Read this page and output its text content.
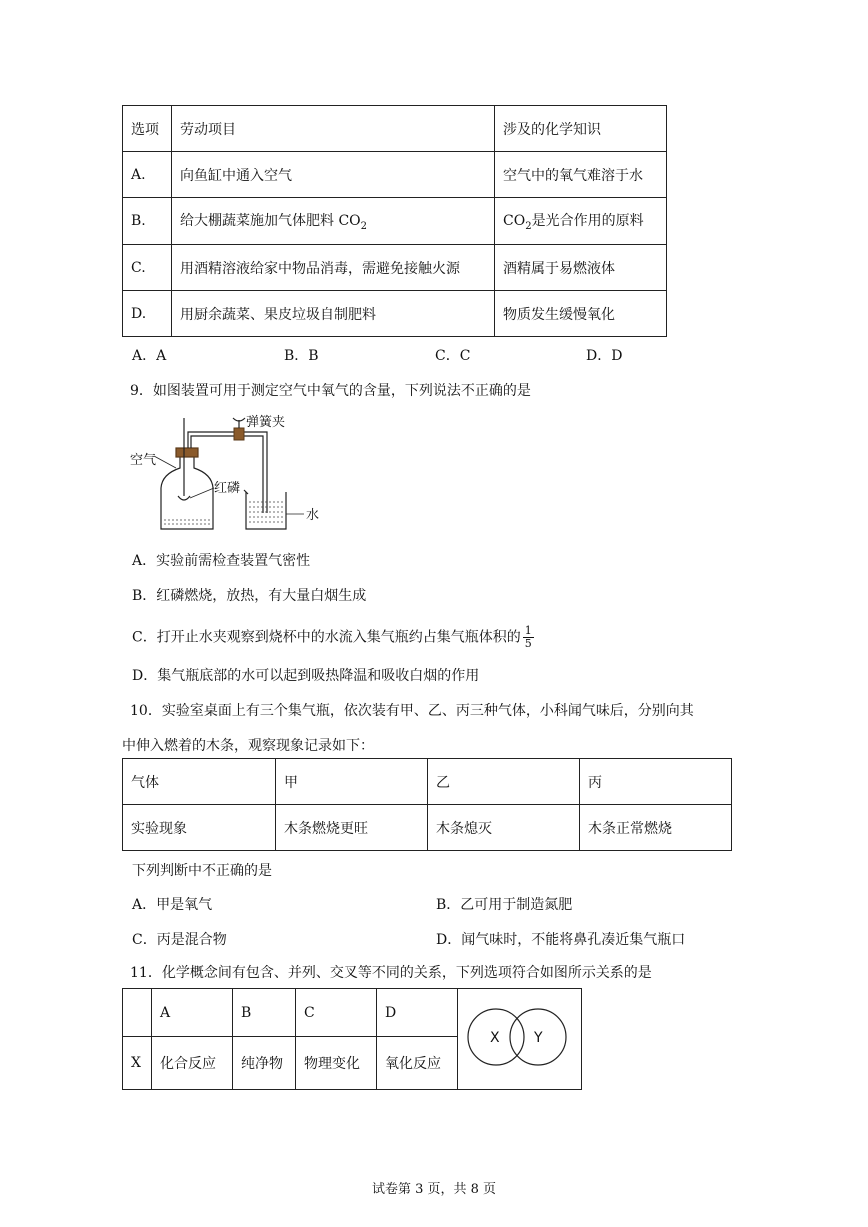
选项	劳动项目	涉及的化学知识
A.	向鱼缸中通入空气	空气中的氧气难溶于水
B.	给大棚蔬菜施加气体肥料 $CO_2$	$CO_2$是光合作用的原料
C.	用酒精溶液给家中物品消毒，需避免接触火源	酒精属于易燃液体
D.	用厨余蔬菜、果皮垃圾自制肥料	物质发生缓慢氧化
A．A	B．B	C．C	D．D
9．如图装置可用于测定空气中氧气的含量，下列说法不正确的是
弹簧夹
空气
红磷
水
A．实验前需检查装置气密性
B．红磷燃烧，放热，有大量白烟生成
C．打开止水夹观察到烧杯中的水流入集气瓶约占集气瓶体积的 $\frac{1}{5}$
D．集气瓶底部的水可以起到吸热降温和吸收白烟的作用
10．实验室桌面上有三个集气瓶，依次装有甲、乙、丙三种气体，小科闻气味后，分别向其
中伸入燃着的木条，观察现象记录如下：
气体	甲	乙	丙
实验现象	木条燃烧更旺	木条熄灭	木条正常燃烧
下列判断中不正确的是
A．甲是氧气	B．乙可用于制造氮肥
C．丙是混合物	D．闻气味时，不能将鼻孔凑近集气瓶口
11．化学概念间有包含、并列、交叉等不同的关系，下列选项符合如图所示关系的是
	A	B	C	D	X Y

X	化合反应	纯净物	物理变化	氧化反应	
试卷第 3 页，共 8 页
